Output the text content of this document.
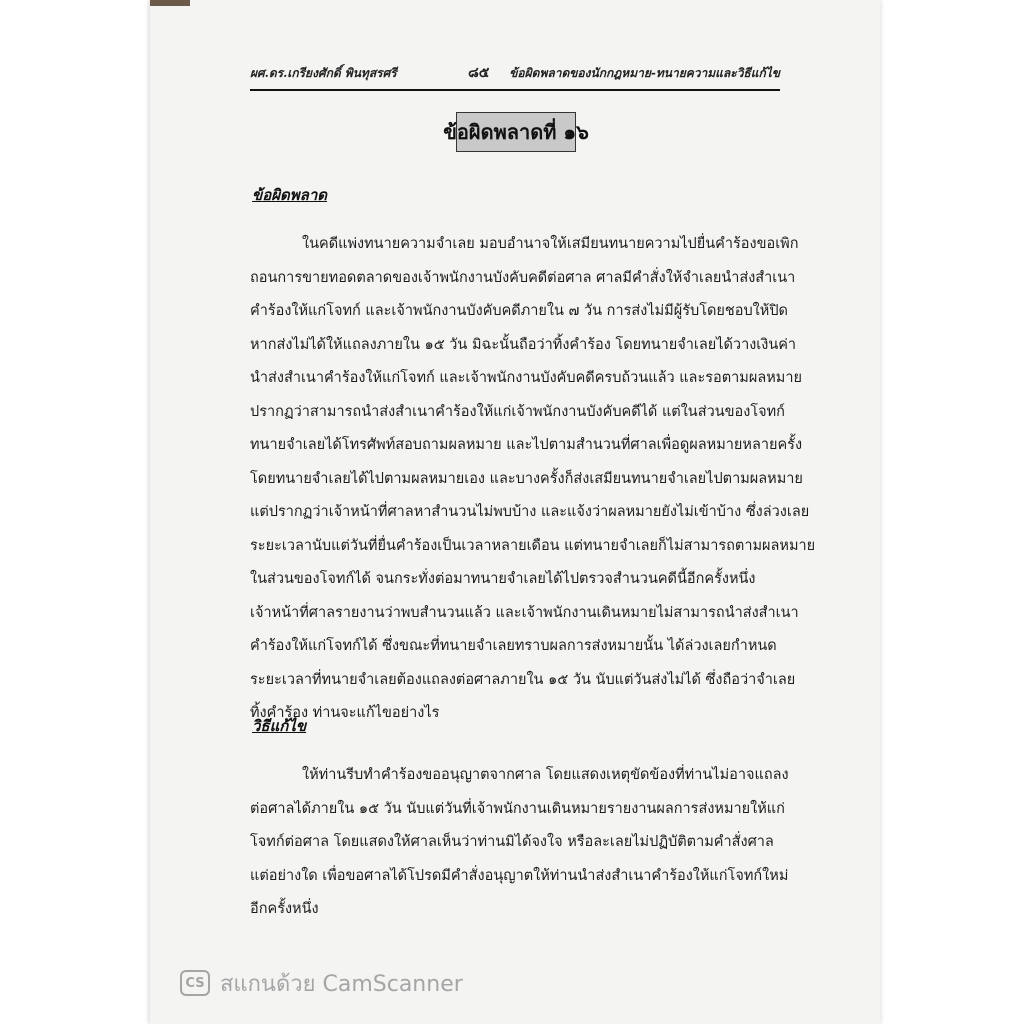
ผศ.ดร.เกรียงศักดิ์ พินทุสรศรี	๘๕ ข้อผิดพลาดของนักกฎหมาย-ทนายความและวิธีแก้ไข
ข้อผิดพลาดที่ ๑๖
ข้อผิดพลาด
ในคดีแพ่งทนายความจำเลย มอบอำนาจให้เสมียนทนายความไปยื่นคำร้องขอเพิก
ถอนการขายทอดตลาดของเจ้าพนักงานบังคับคดีต่อศาล ศาลมีคำสั่งให้จำเลยนำส่งสำเนา
คำร้องให้แก่โจทก์ และเจ้าพนักงานบังคับคดีภายใน ๗ วัน การส่งไม่มีผู้รับโดยชอบให้ปิด
หากส่งไม่ได้ให้แถลงภายใน ๑๕ วัน มิฉะนั้นถือว่าทิ้งคำร้อง โดยทนายจำเลยได้วางเงินค่า
นำส่งสำเนาคำร้องให้แก่โจทก์ และเจ้าพนักงานบังคับคดีครบถ้วนแล้ว และรอตามผลหมาย
ปรากฏว่าสามารถนำส่งสำเนาคำร้องให้แก่เจ้าพนักงานบังคับคดีได้ แต่ในส่วนของโจทก์
ทนายจำเลยได้โทรศัพท์สอบถามผลหมาย และไปตามสำนวนที่ศาลเพื่อดูผลหมายหลายครั้ง
โดยทนายจำเลยได้ไปตามผลหมายเอง และบางครั้งก็ส่งเสมียนทนายจำเลยไปตามผลหมาย
แต่ปรากฏว่าเจ้าหน้าที่ศาลหาสำนวนไม่พบบ้าง และแจ้งว่าผลหมายยังไม่เข้าบ้าง ซึ่งล่วงเลย
ระยะเวลานับแต่วันที่ยื่นคำร้องเป็นเวลาหลายเดือน แต่ทนายจำเลยก็ไม่สามารถตามผลหมาย
ในส่วนของโจทก์ได้ จนกระทั่งต่อมาทนายจำเลยได้ไปตรวจสำนวนคดีนี้อีกครั้งหนึ่ง
เจ้าหน้าที่ศาลรายงานว่าพบสำนวนแล้ว และเจ้าพนักงานเดินหมายไม่สามารถนำส่งสำเนา
คำร้องให้แก่โจทก์ได้ ซึ่งขณะที่ทนายจำเลยทราบผลการส่งหมายนั้น ได้ล่วงเลยกำหนด
ระยะเวลาที่ทนายจำเลยต้องแถลงต่อศาลภายใน ๑๕ วัน นับแต่วันส่งไม่ได้ ซึ่งถือว่าจำเลย
ทิ้งคำร้อง ท่านจะแก้ไขอย่างไร
วิธีแก้ไข
ให้ท่านรีบทำคำร้องขออนุญาตจากศาล โดยแสดงเหตุขัดข้องที่ท่านไม่อาจแถลง
ต่อศาลได้ภายใน ๑๕ วัน นับแต่วันที่เจ้าพนักงานเดินหมายรายงานผลการส่งหมายให้แก่
โจทก์ต่อศาล โดยแสดงให้ศาลเห็นว่าท่านมิได้จงใจ หรือละเลยไม่ปฏิบัติตามคำสั่งศาล
แต่อย่างใด เพื่อขอศาลได้โปรดมีคำสั่งอนุญาตให้ท่านนำส่งสำเนาคำร้องให้แก่โจทก์ใหม่
อีกครั้งหนึ่ง
CS สแกนด้วย CamScanner
